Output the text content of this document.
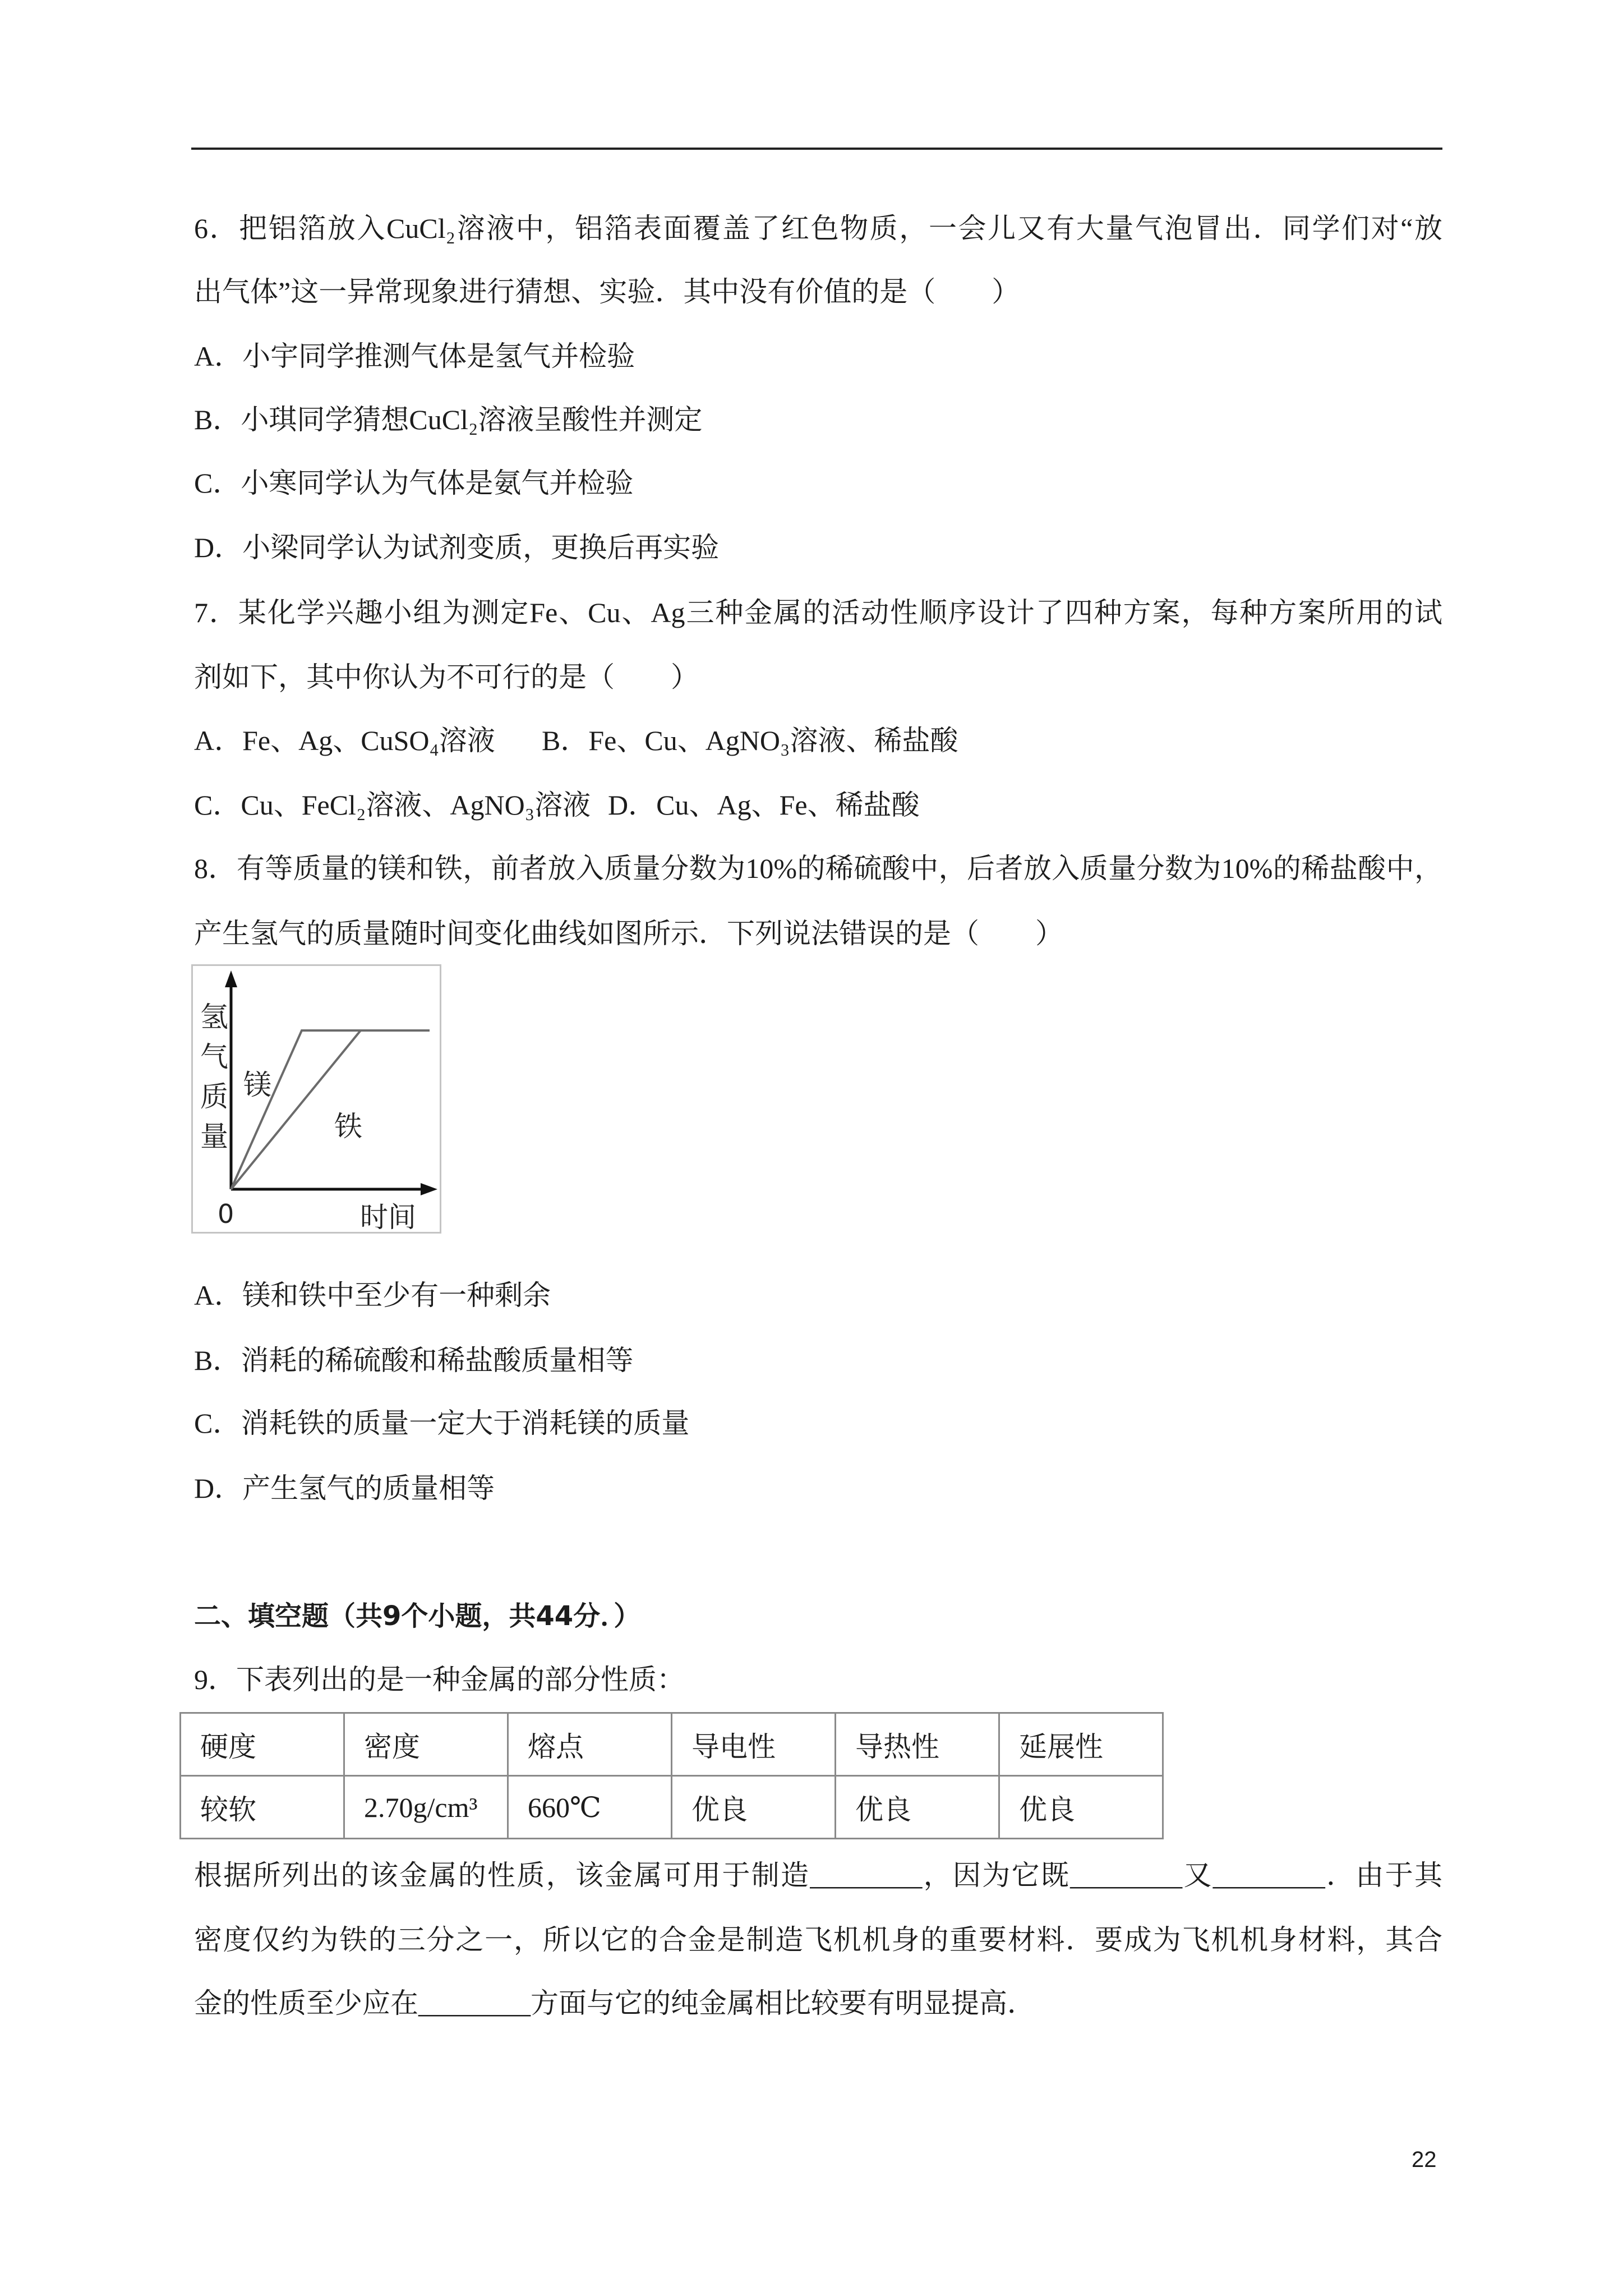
6．把铝箔放入CuCl₂溶液中，铝箔表面覆盖了红色物质，一会儿又有大量气泡冒出．同学们对“放
出气体”这一异常现象进行猜想、实验．其中没有价值的是（　　）
A．小宇同学推测气体是氢气并检验
B．小琪同学猜想CuCl₂溶液呈酸性并测定
C．小寒同学认为气体是氨气并检验
D．小梁同学认为试剂变质，更换后再实验
7．某化学兴趣小组为测定Fe、Cu、Ag三种金属的活动性顺序设计了四种方案，每种方案所用的试
剂如下，其中你认为不可行的是（　　）
A．Fe、Ag、CuSO₄溶液 B．Fe、Cu、AgNO₃溶液、稀盐酸
C．Cu、FeCl₂溶液、AgNO₃溶液 D．Cu、Ag、Fe、稀盐酸
8．有等质量的镁和铁，前者放入质量分数为10%的稀硫酸中，后者放入质量分数为10%的稀盐酸中，
产生氢气的质量随时间变化曲线如图所示．下列说法错误的是（　　）
氢气质量 镁
铁
0	时间
A．镁和铁中至少有一种剩余
B．消耗的稀硫酸和稀盐酸质量相等
C．消耗铁的质量一定大于消耗镁的质量
D．产生氢气的质量相等
二、填空题（共9个小题，共44分．）
9．下表列出的是一种金属的部分性质：
硬度	密度	熔点	导电性	导热性	延展性
较软	2.70g/cm³	660℃	优良	优良	优良
根据所列出的该金属的性质，该金属可用于制造________，因为它既________又________．由于其
密度仅约为铁的三分之一，所以它的合金是制造飞机机身的重要材料．要成为飞机机身材料，其合
金的性质至少应在________方面与它的纯金属相比较要有明显提高．
22
